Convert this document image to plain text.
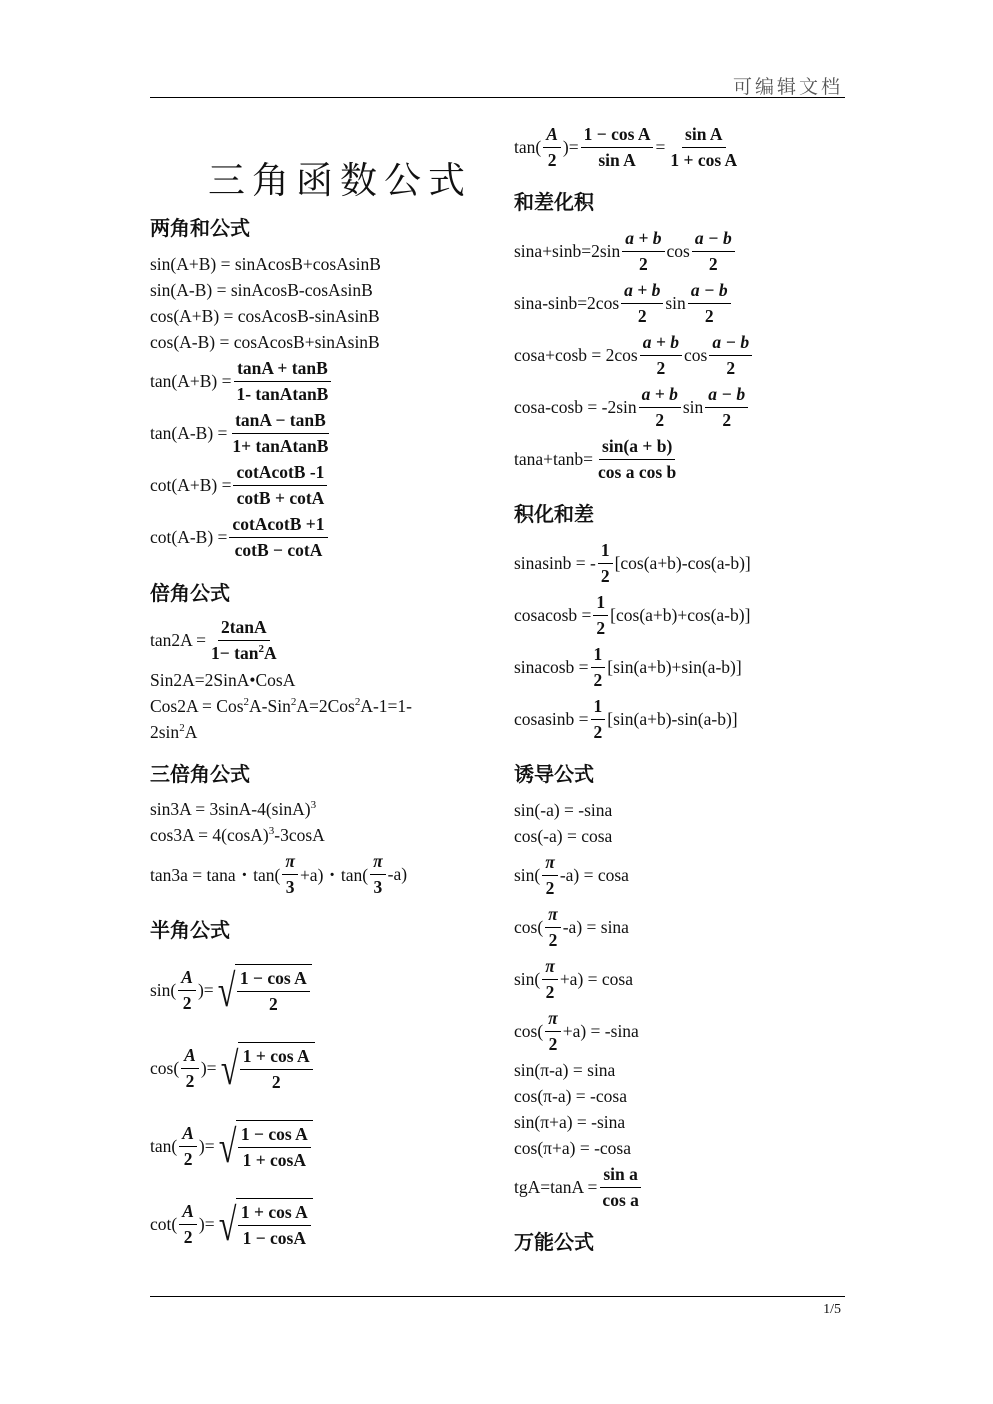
可编辑文档
1/5
三角函数公式
两角和公式
sin(A+B) = sinAcosB+cosAsinB
sin(A-B) = sinAcosB-cosAsinB
cos(A+B) = cosAcosB-sinAsinB
cos(A-B) = cosAcosB+sinAsinB
$\tan(A+B) = \frac{\tan A + \tan B}{\text{1- tanAtanB}}$
$\tan(A-B) = \frac{\tan A - \tan B}{\text{1+ tanAtanB}}$
$\cot(A+B) = \frac{\text{cotAcotB -1}}{\cot B + \cot A}$
$\cot(A-B) = \frac{\text{cotAcotB +1}}{\cot B - \cot A}$
倍角公式
$\tan 2A = \frac{2\tan A}{1- \tan^2A}$
Sin2A=2SinA•CosA
Cos2A = Cos$^2$A-Sin$^2$A=2Cos$^2$A-1=1-
$2\sin^2A$
三倍角公式
$\sin 3A = 3\sin A-4(\sin A)^3$
$\cos 3A = 4(\cos A)^3-3\cos A$
tan3a = tana・tan(
π
3
+a)・tan(
π
3
-a)
半角公式
sin(
A
2
)= √ $\frac{\text{1 − cos A}}{2}$
cos(
A
2
)= √ $\frac{\text{1 + cos A}}{2}$
tan(
A
2
)= √ $\frac{\text{1 − cos A}}{1 + \cos A}$
cot(
A
2
)= √ $\frac{\text{1 + cos A}}{1 - \cos A}$
tan(
A
2
)= $\frac{\text{1 − cos A}}{\text{sin A}} = \frac{\text{sin A}}{\text{1 + cos A}}$
和差化积
sina+sinb=2sin
a + b
2
cos
a − b
2
sina-sinb=2cos
a + b
2
sin
a − b
2
cosa+cosb = 2cos
a + b
2
cos
a − b
2
cosa-cosb = -2sin
a + b
2
sin
a − b
2
$\tan a+\tan b= \frac{\sin(a + b)}{\text{cos a cos b}}$
积化和差
sinasinb = -
1
2
[cos(a+b)-cos(a-b)]
cosacosb = $\frac{1}{2} [\cos(a+b)+\cos(a-b)]$
sinacosb = $\frac{1}{2} [\sin(a+b)+\sin(a-b)]$
cosasinb = $\frac{1}{2} [\sin(a+b)-\sin(a-b)]$
诱导公式
sin(-a) = -sina
cos(-a) = cosa
sin(
π
2
-a) = cosa
cos(
π
2
-a) = sina
sin(
π
2
+a) = cosa
cos(
π
2
+a) = -sina
sin(π-a) = sina
cos(π-a) = -cosa
sin(π+a) = -sina
cos(π+a) = -cosa
$tgA=\tan A = \frac{\text{sin a}}{\text{cos a}}$
万能公式
